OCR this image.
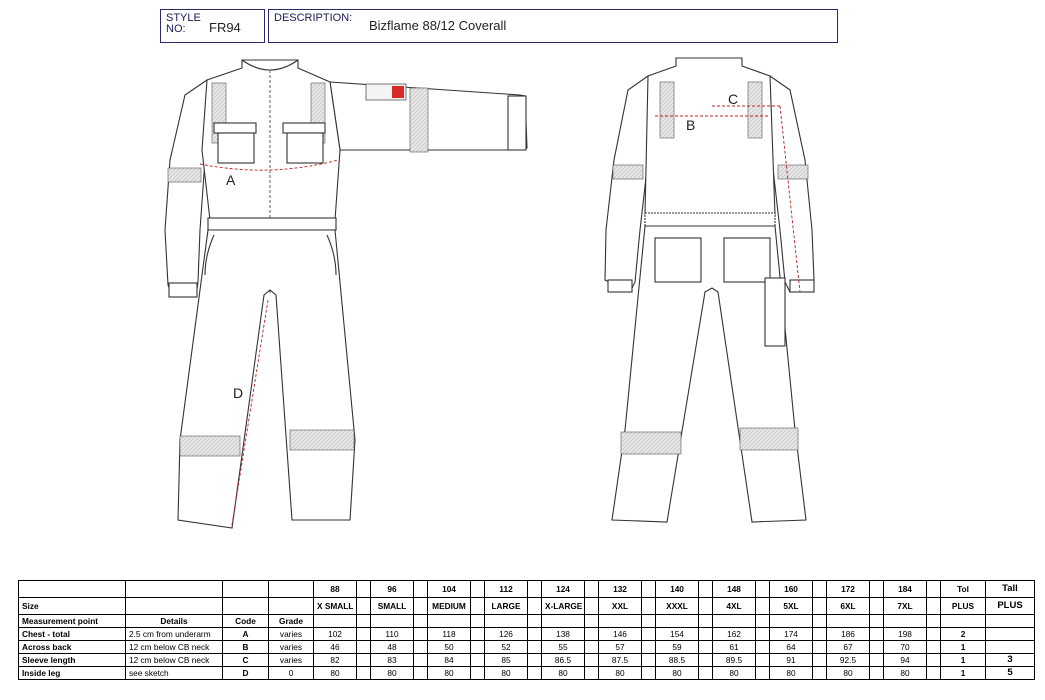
STYLE NO:	FR94
DESCRIPTION: Bizflame 88/12 Coverall
A
D
C
B
				88		96		104		112		124		132		140		148		160		172		184		Tol	Tall
Size				X SMALL		SMALL		MEDIUM		LARGE		X-LARGE		XXL		XXXL		4XL		5XL		6XL		7XL		PLUS	PLUS
Measurement point	Details	Code	Grade																								
Chest - total	2.5 cm from underarm	A	varies	102		110		118		126		138		146		154		162		174		186		198		2	
Across back	12 cm below CB neck	B	varies	46		48		50		52		55		57		59		61		64		67		70		1	
Sleeve length	12 cm below CB neck	C	varies	82		83		84		85		86.5		87.5		88.5		89.5		91		92.5		94		1	3
Inside leg	see sketch	D	0	80		80		80		80		80		80		80		80		80		80		80		1	5
